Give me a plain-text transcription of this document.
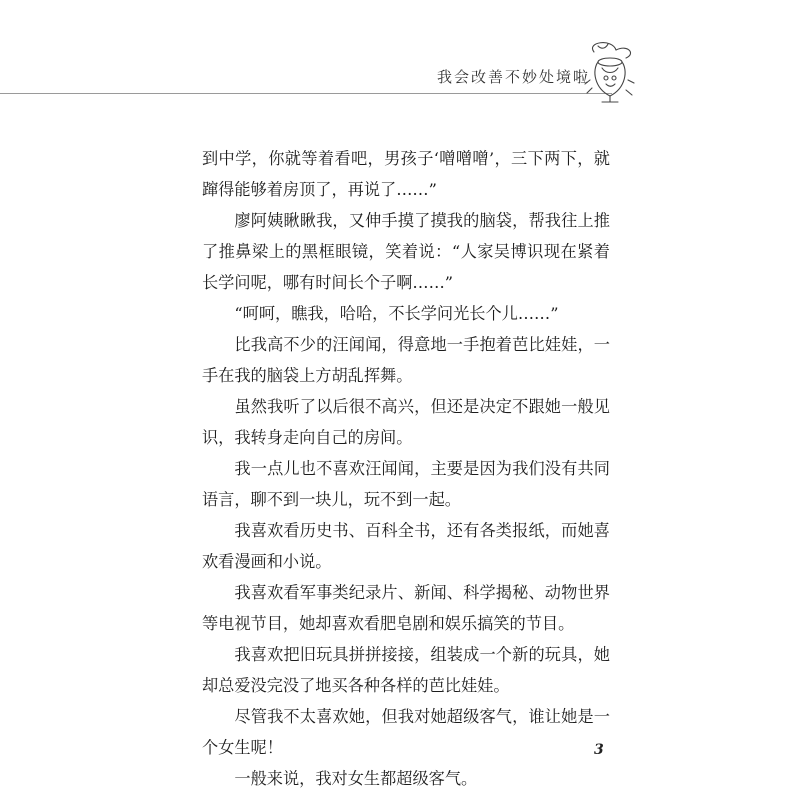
我会改善不妙处境啦

到中学，你就等着看吧，男孩子‘噌噌噌’，三下两下，就蹿得能够着房顶了，再说了……”

廖阿姨瞅瞅我，又伸手摸了摸我的脑袋，帮我往上推了推鼻梁上的黑框眼镜，笑着说：“人家吴博识现在紧着长学问呢，哪有时间长个子啊……”

“呵呵，瞧我，哈哈，不长学问光长个儿……”

比我高不少的汪闻闻，得意地一手抱着芭比娃娃，一手在我的脑袋上方胡乱挥舞。

虽然我听了以后很不高兴，但还是决定不跟她一般见识，我转身走向自己的房间。

我一点儿也不喜欢汪闻闻，主要是因为我们没有共同语言，聊不到一块儿，玩不到一起。

我喜欢看历史书、百科全书，还有各类报纸，而她喜欢看漫画和小说。

我喜欢看军事类纪录片、新闻、科学揭秘、动物世界等电视节目，她却喜欢看肥皂剧和娱乐搞笑的节目。

我喜欢把旧玩具拼拼接接，组装成一个新的玩具，她却总爱没完没了地买各种各样的芭比娃娃。

尽管我不太喜欢她，但我对她超级客气，谁让她是一个女生呢！

一般来说，我对女生都超级客气。

3
